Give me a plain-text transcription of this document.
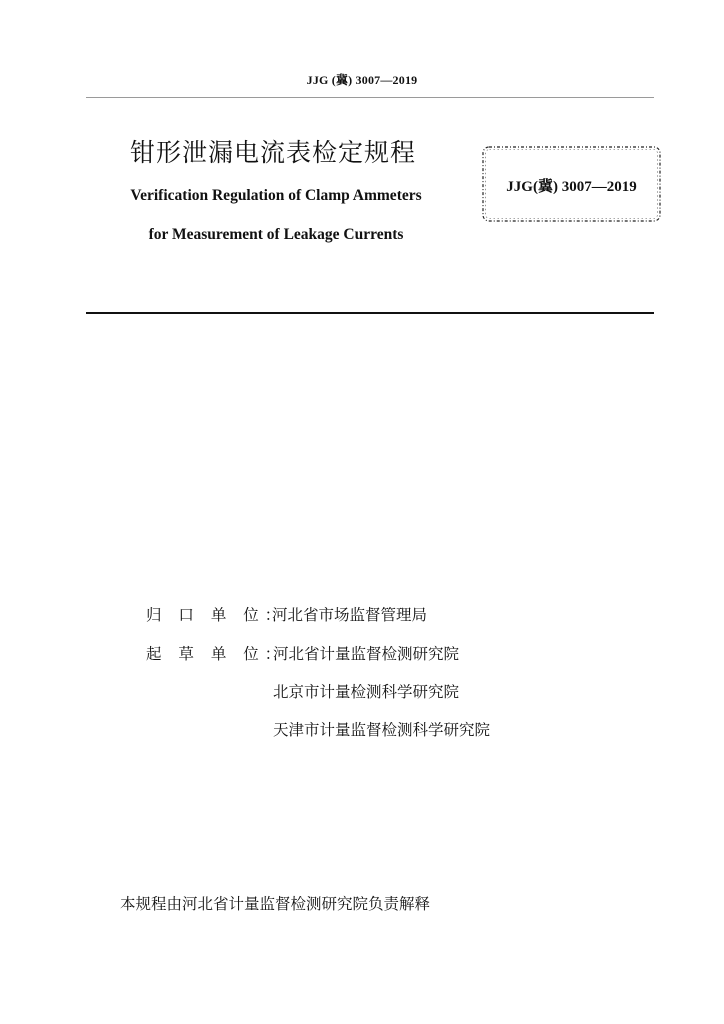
JJG (冀) 3007—2019
钳形泄漏电流表检定规程
Verification Regulation of Clamp Ammeters
for Measurement of Leakage Currents
JJG(冀) 3007—2019
归 口 单 位：
河北省市场监督管理局
起 草 单 位：
河北省计量监督检测研究院
北京市计量检测科学研究院
天津市计量监督检测科学研究院
本规程由河北省计量监督检测研究院负责解释
